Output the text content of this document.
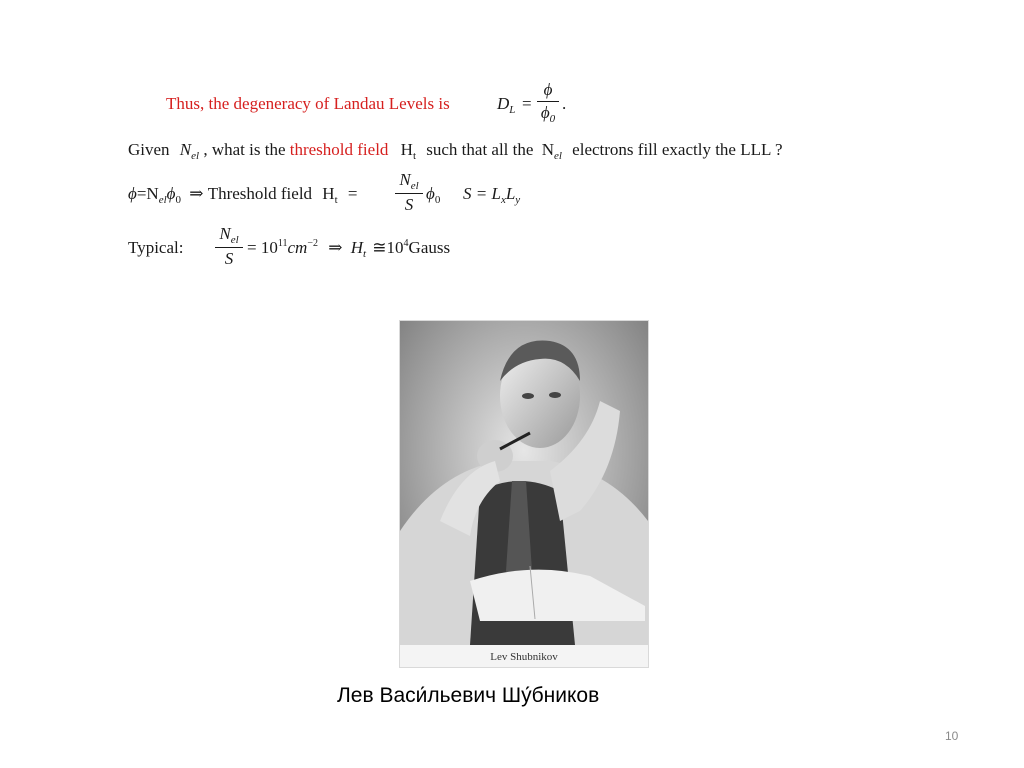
Thus, the degeneracy of Landau Levels is	$D_L$ =
ϕ
$\phi_0$
.
Given $N_{el}$ , what is the threshold field $H_t$ such that all the $N_{el}$ electrons fill exactly the LLL ?
$\phi=N_{el}\phi_0$ ⇒ Threshold field $H_t$ =
$N_{el}$
S
$\phi_0$ $S = L_xL_y$
Typical:
$N_{el}$
S
= $10^{11}cm^{-2}$ ⇒ $H_t$ $≅10^4Gauss$
Lev Shubnikov
Лев Васи́льевич Шу́бников
10
